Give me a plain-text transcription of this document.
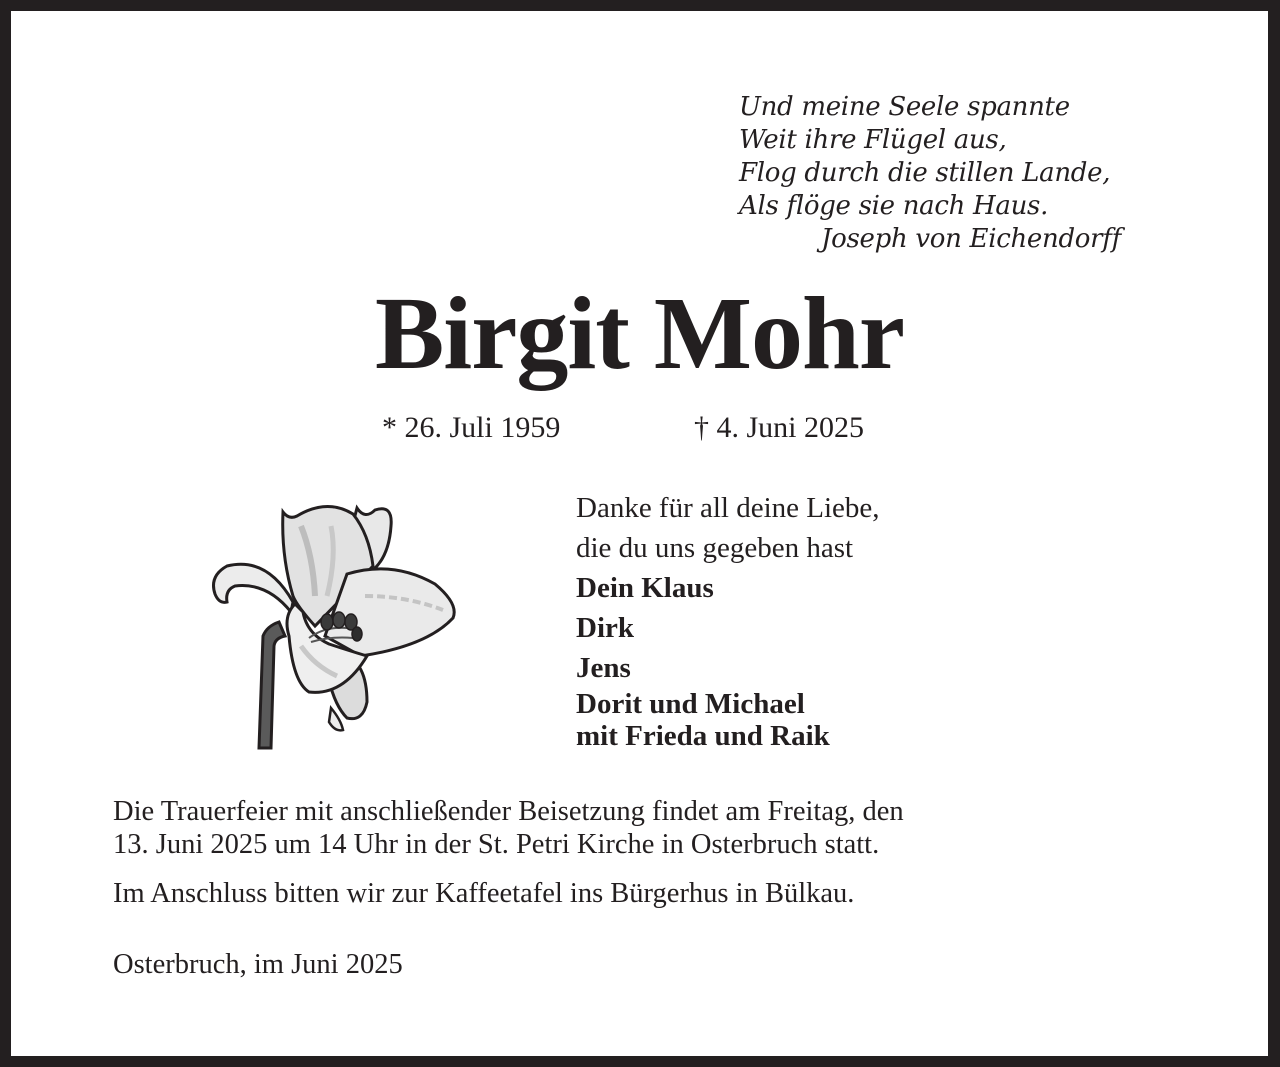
Und meine Seele spannte
Weit ihre Flügel aus,
Flog durch die stillen Lande,
Als flöge sie nach Haus.
Joseph von Eichendorff
Birgit Mohr
* 26. Juli 1959	† 4. Juni 2025
Danke für all deine Liebe,
die du uns gegeben hast
Dein Klaus
Dirk
Jens
Dorit und Michael
mit Frieda und Raik
Die Trauerfeier mit anschließender Beisetzung findet am Freitag, den
13. Juni 2025 um 14 Uhr in der St. Petri Kirche in Osterbruch statt.
Im Anschluss bitten wir zur Kaffeetafel ins Bürgerhus in Bülkau.
Osterbruch, im Juni 2025
